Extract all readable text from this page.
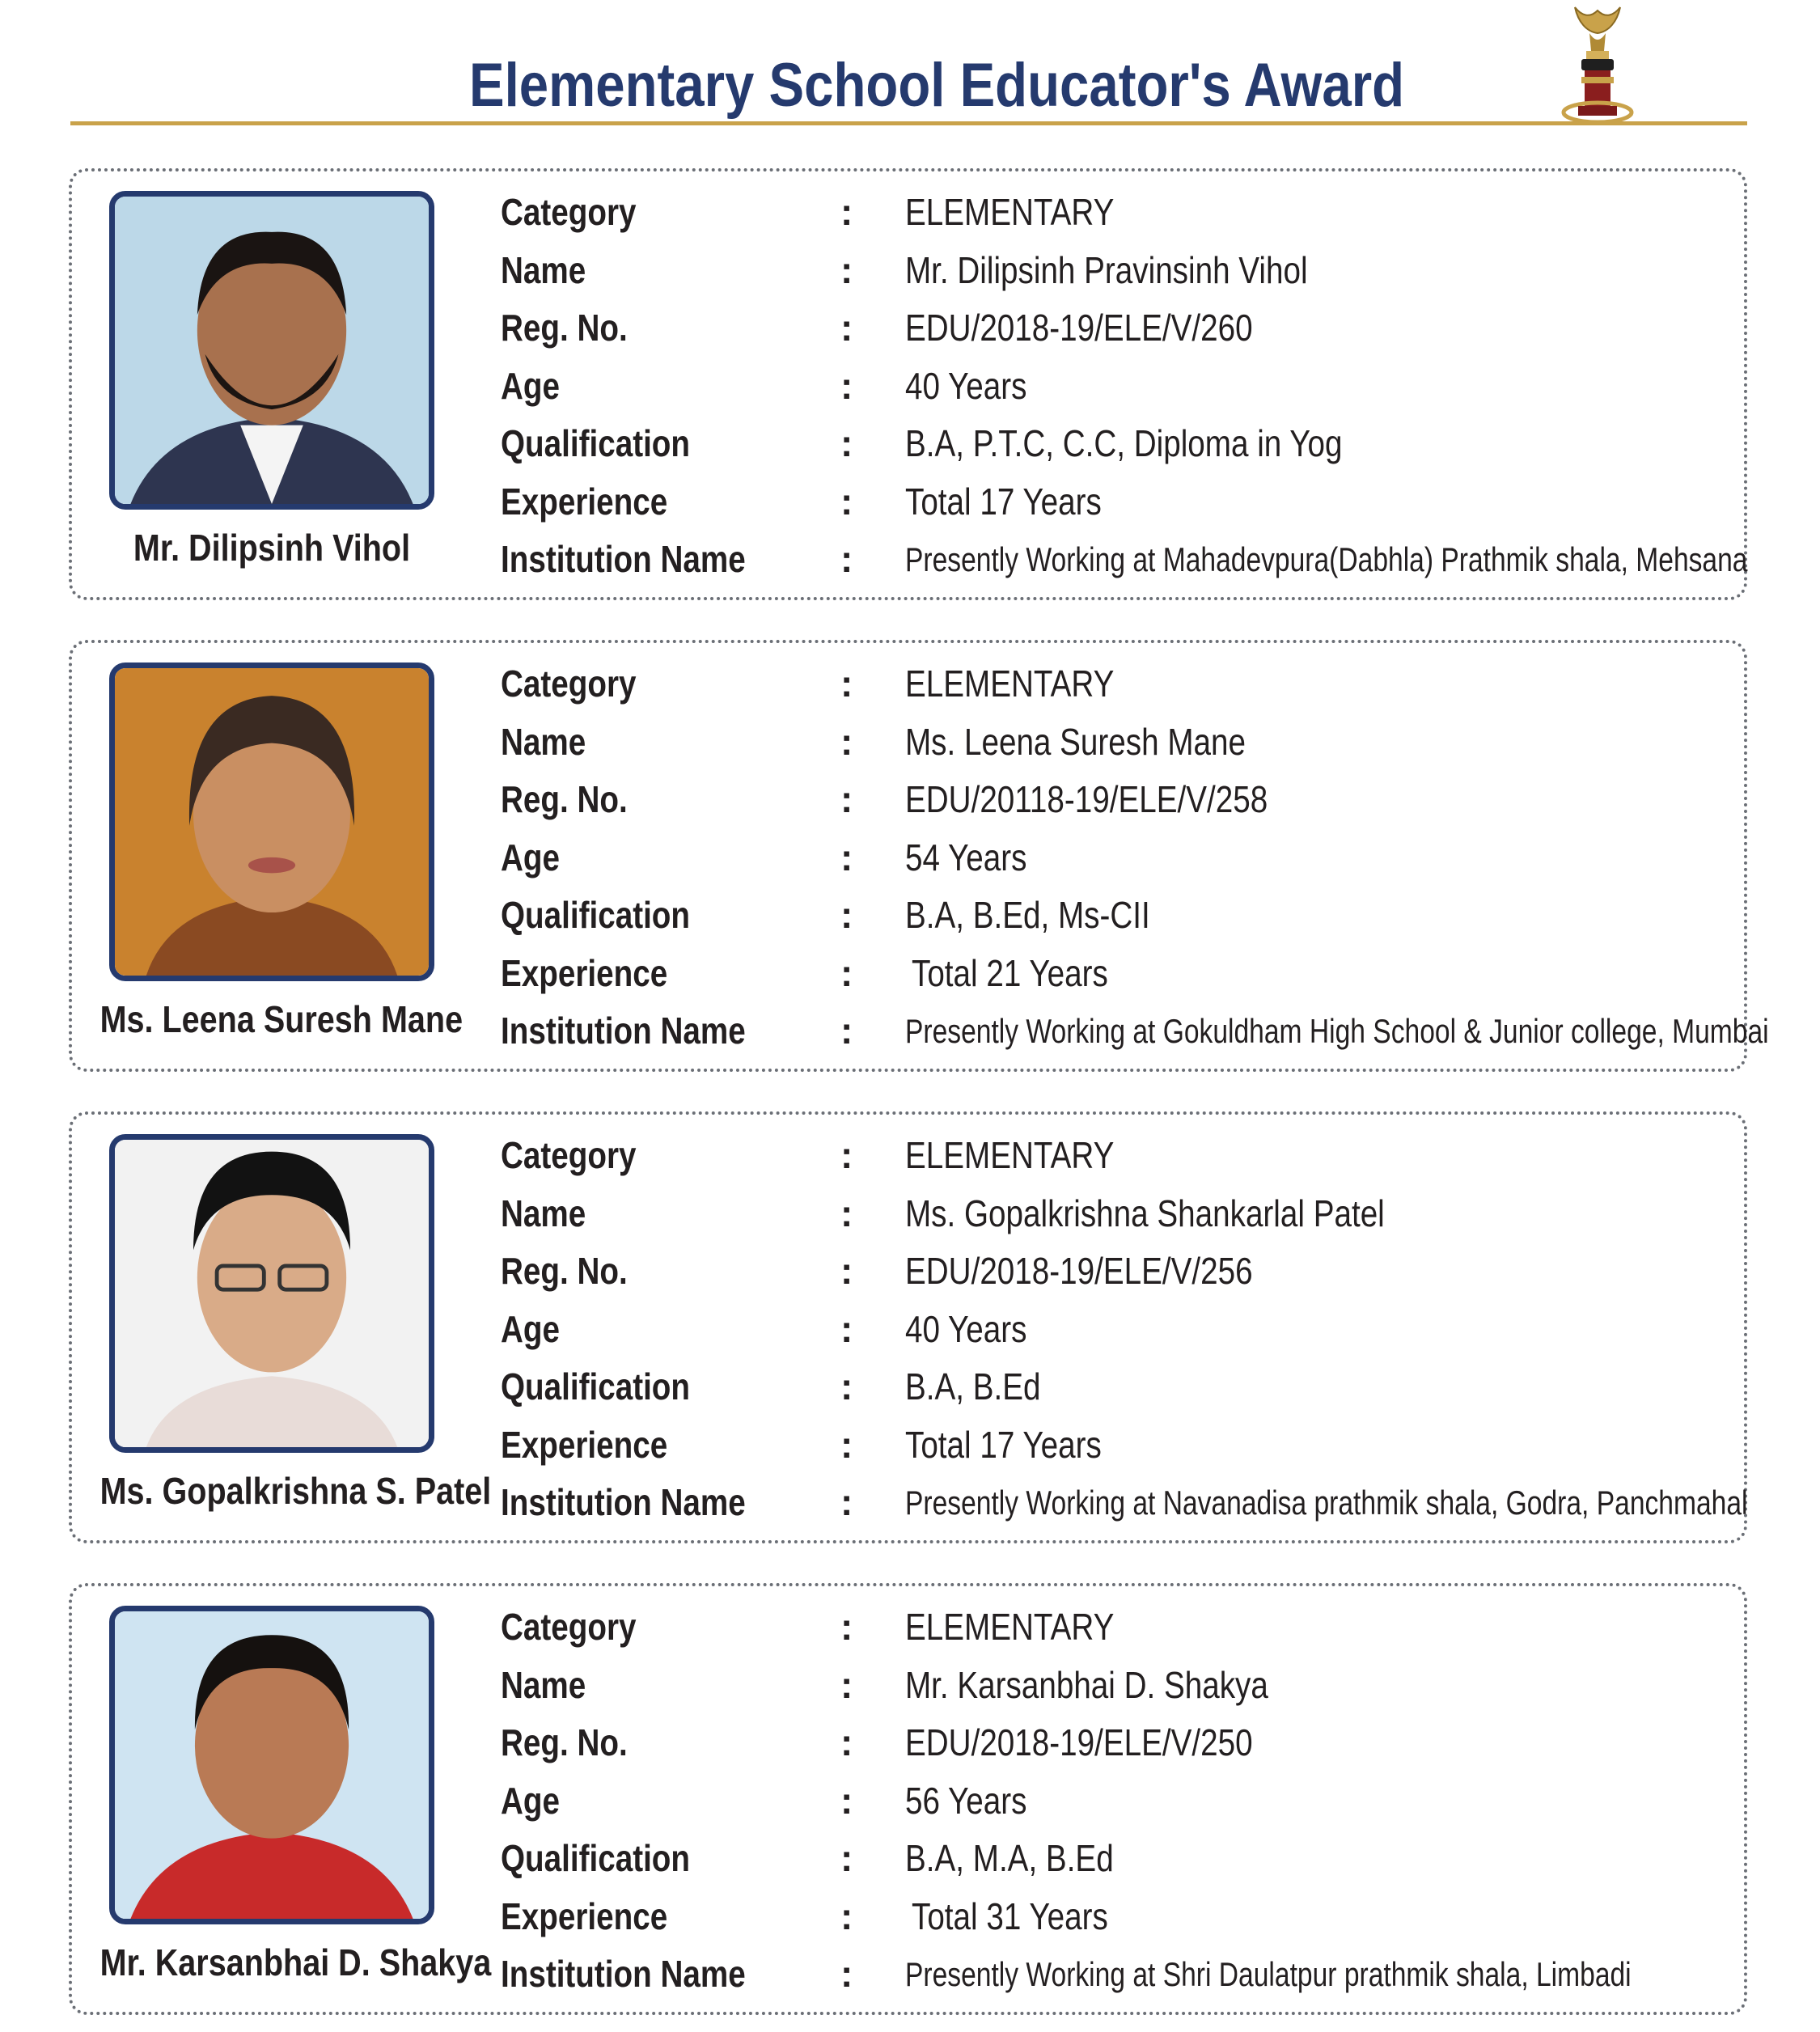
Elementary School Educator's Award
Mr. Dilipsinh Vihol
Category	: ELEMENTARY
Name	: Mr. Dilipsinh Pravinsinh Vihol
Reg. No.	: EDU/2018-19/ELE/V/260
Age	: 40 Years
Qualification	: B.A, P.T.C, C.C, Diploma in Yog
Experience	: Total 17 Years
Institution Name	: Presently Working at Mahadevpura(Dabhla) Prathmik shala, Mehsana
Ms. Leena Suresh Mane
Category	: ELEMENTARY
Name	: Ms. Leena Suresh Mane
Reg. No.	: EDU/20118-19/ELE/V/258
Age	: 54 Years
Qualification	: B.A, B.Ed, Ms-CII
Experience	: Total 21 Years
Institution Name	: Presently Working at Gokuldham High School & Junior college, Mumbai
Ms. Gopalkrishna S. Patel
Category	: ELEMENTARY
Name	: Ms. Gopalkrishna Shankarlal Patel
Reg. No.	: EDU/2018-19/ELE/V/256
Age	: 40 Years
Qualification	: B.A, B.Ed
Experience	: Total 17 Years
Institution Name	: Presently Working at Navanadisa prathmik shala, Godra, Panchmahal
Mr. Karsanbhai D. Shakya
Category	: ELEMENTARY
Name	: Mr. Karsanbhai D. Shakya
Reg. No.	: EDU/2018-19/ELE/V/250
Age	: 56 Years
Qualification	: B.A, M.A, B.Ed
Experience	: Total 31 Years
Institution Name	: Presently Working at Shri Daulatpur prathmik shala, Limbadi
